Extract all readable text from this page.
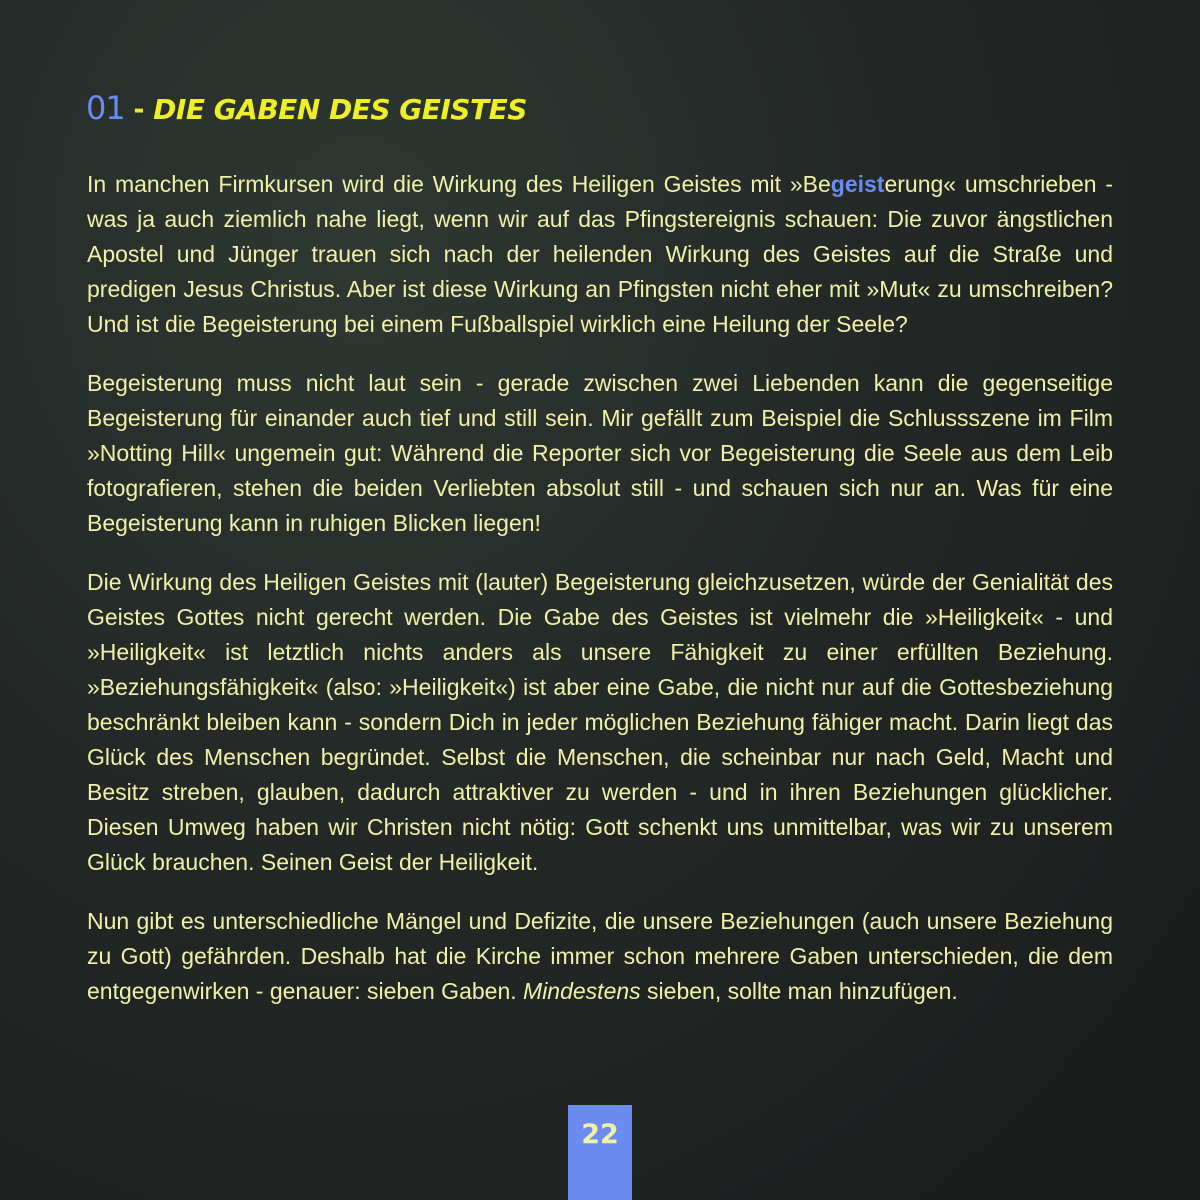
01 - DIE GABEN DES GEISTES

In manchen Firmkursen wird die Wirkung des Heiligen Geistes mit »Begeisterung« umschrieben - was ja auch ziemlich nahe liegt, wenn wir auf das Pfingstereignis schauen: Die zuvor ängstlichen Apostel und Jünger trauen sich nach der heilenden Wirkung des Geistes auf die Straße und predigen Jesus Christus. Aber ist diese Wirkung an Pfingsten nicht eher mit »Mut« zu umschreiben? Und ist die Begeisterung bei einem Fußballspiel wirklich eine Heilung der Seele?

Begeisterung muss nicht laut sein - gerade zwischen zwei Liebenden kann die gegenseitige Begeisterung für einander auch tief und still sein. Mir gefällt zum Beispiel die Schlussszene im Film »Notting Hill« ungemein gut: Während die Reporter sich vor Begeisterung die Seele aus dem Leib fotografieren, stehen die beiden Verliebten absolut still - und schauen sich nur an. Was für eine Begeisterung kann in ruhigen Blicken liegen!

Die Wirkung des Heiligen Geistes mit (lauter) Begeisterung gleichzusetzen, würde der Genialität des Geistes Gottes nicht gerecht werden. Die Gabe des Geistes ist vielmehr die »Heiligkeit« - und »Heiligkeit« ist letztlich nichts anders als unsere Fähigkeit zu einer erfüllten Beziehung. »Beziehungsfähigkeit« (also: »Heiligkeit«) ist aber eine Gabe, die nicht nur auf die Gottesbeziehung beschränkt bleiben kann - sondern Dich in jeder möglichen Beziehung fähiger macht. Darin liegt das Glück des Menschen begründet. Selbst die Menschen, die scheinbar nur nach Geld, Macht und Besitz streben, glauben, dadurch attraktiver zu werden - und in ihren Beziehungen glücklicher. Diesen Umweg haben wir Christen nicht nötig: Gott schenkt uns unmittelbar, was wir zu unserem Glück brauchen. Seinen Geist der Heiligkeit.

Nun gibt es unterschiedliche Mängel und Defizite, die unsere Beziehungen (auch unsere Beziehung zu Gott) gefährden. Deshalb hat die Kirche immer schon mehrere Gaben unterschieden, die dem entgegenwirken - genauer: sieben Gaben. Mindestens sieben, sollte man hinzufügen.

22
